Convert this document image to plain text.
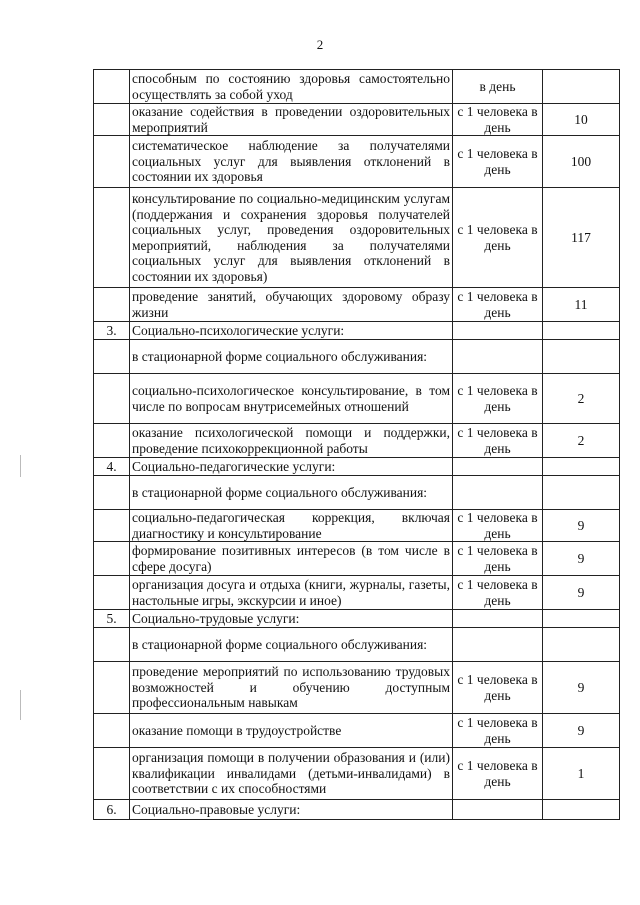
2
	способным по состоянию здоровья самостоятельно осуществлять за собой уход	в день	
	оказание содействия в проведении оздоровительных мероприятий	с 1 человека в день	10
	систематическое наблюдение за получателями социальных услуг для выявления отклонений в состоянии их здоровья	с 1 человека в день	100
	консультирование по социально-медицинским услугам (поддержания и сохранения здоровья получателей социальных услуг, проведения оздоровительных мероприятий, наблюдения за получателями социальных услуг для выявления отклонений в состоянии их здоровья)	с 1 человека в день	117
	проведение занятий, обучающих здоровому образу жизни	с 1 человека в день	11
3.	Социально-психологические услуги:		
	в стационарной форме социального обслуживания:		
	социально-психологическое консультирование, в том числе по вопросам внутрисемейных отношений	с 1 человека в день	2
	оказание психологической помощи и поддержки, проведение психокоррекционной работы	с 1 человека в день	2
4.	Социально-педагогические услуги:		
	в стационарной форме социального обслуживания:		
	социально-педагогическая коррекция, включая диагностику и консультирование	с 1 человека в день	9
	формирование позитивных интересов (в том числе в сфере досуга)	с 1 человека в день	9
	организация досуга и отдыха (книги, журналы, газеты, настольные игры, экскурсии и иное)	с 1 человека в день	9
5.	Социально-трудовые услуги:		
	в стационарной форме социального обслуживания:		
	проведение мероприятий по использованию трудовых возможностей и обучению доступным профессиональным навыкам	с 1 человека в день	9
	оказание помощи в трудоустройстве	с 1 человека в день	9
	организация помощи в получении образования и (или) квалификации инвалидами (детьми-инвалидами) в соответствии с их способностями	с 1 человека в день	1
6.	Социально-правовые услуги:		
